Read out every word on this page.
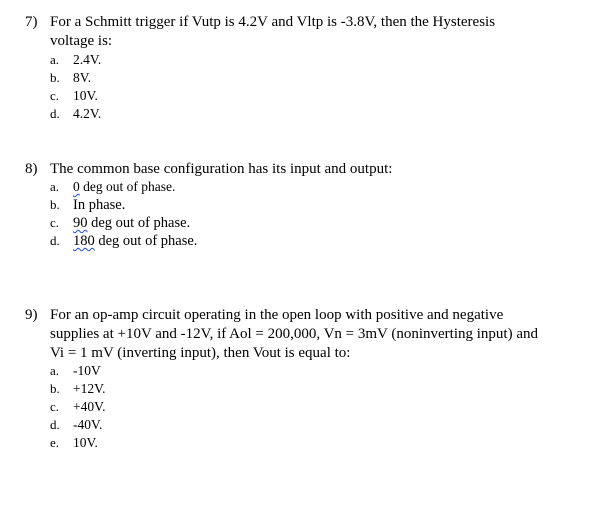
7) For a Schmitt trigger if Vutp is 4.2V and Vltp is -3.8V, then the Hysteresis
voltage is:
a. 2.4V.
b. 8V.
c. 10V.
d. 4.2V.
8) The common base configuration has its input and output:
a. 0 deg out of phase.
b. In phase.
c. 90 deg out of phase.
d. 180 deg out of phase.
9) For an op-amp circuit operating in the open loop with positive and negative
supplies at +10V and -12V, if Aol = 200,000, Vn = 3mV (noninverting input) and
Vi = 1 mV (inverting input), then Vout is equal to:
a. -10V
b. +12V.
c. +40V.
d. -40V.
e. 10V.
